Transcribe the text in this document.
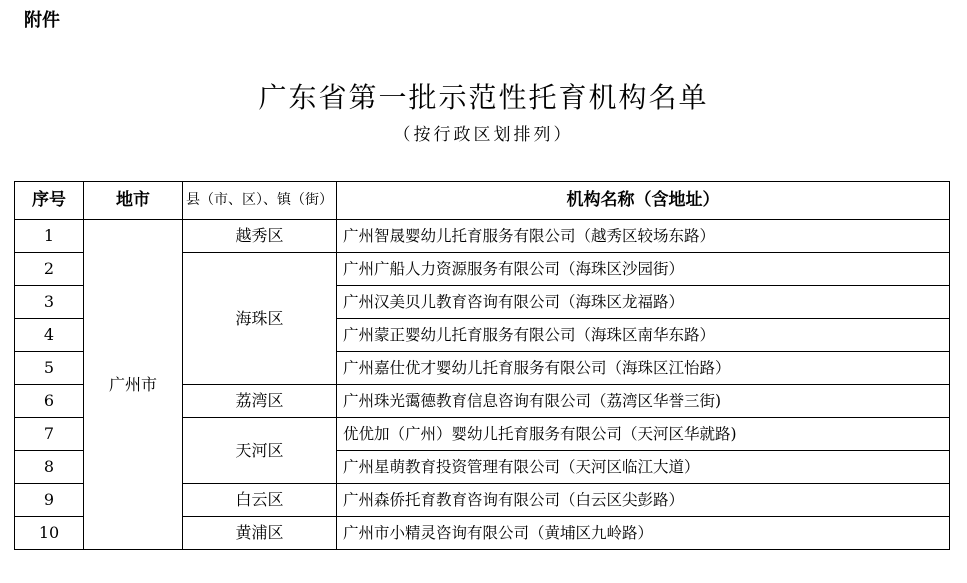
附件
广东省第一批示范性托育机构名单
（按行政区划排列）
序号	地市	县（市、区）、镇（街）	机构名称（含地址）
1	广州市	越秀区	广州智晟婴幼儿托育服务有限公司（越秀区较场东路）
2		海珠区	广州广船人力资源服务有限公司（海珠区沙园街）
3			广州汉美贝儿教育咨询有限公司（海珠区龙福路）
4			广州蒙正婴幼儿托育服务有限公司（海珠区南华东路）
5			广州嘉仕优才婴幼儿托育服务有限公司（海珠区江怡路）
6		荔湾区	广州珠光霭德教育信息咨询有限公司（荔湾区华誉三街)
7		天河区	优优加（广州）婴幼儿托育服务有限公司（天河区华就路)
8			广州星萌教育投资管理有限公司（天河区临江大道）
9		白云区	广州森侨托育教育咨询有限公司（白云区尖彭路）
10		黄浦区	广州市小精灵咨询有限公司（黄埔区九岭路）
